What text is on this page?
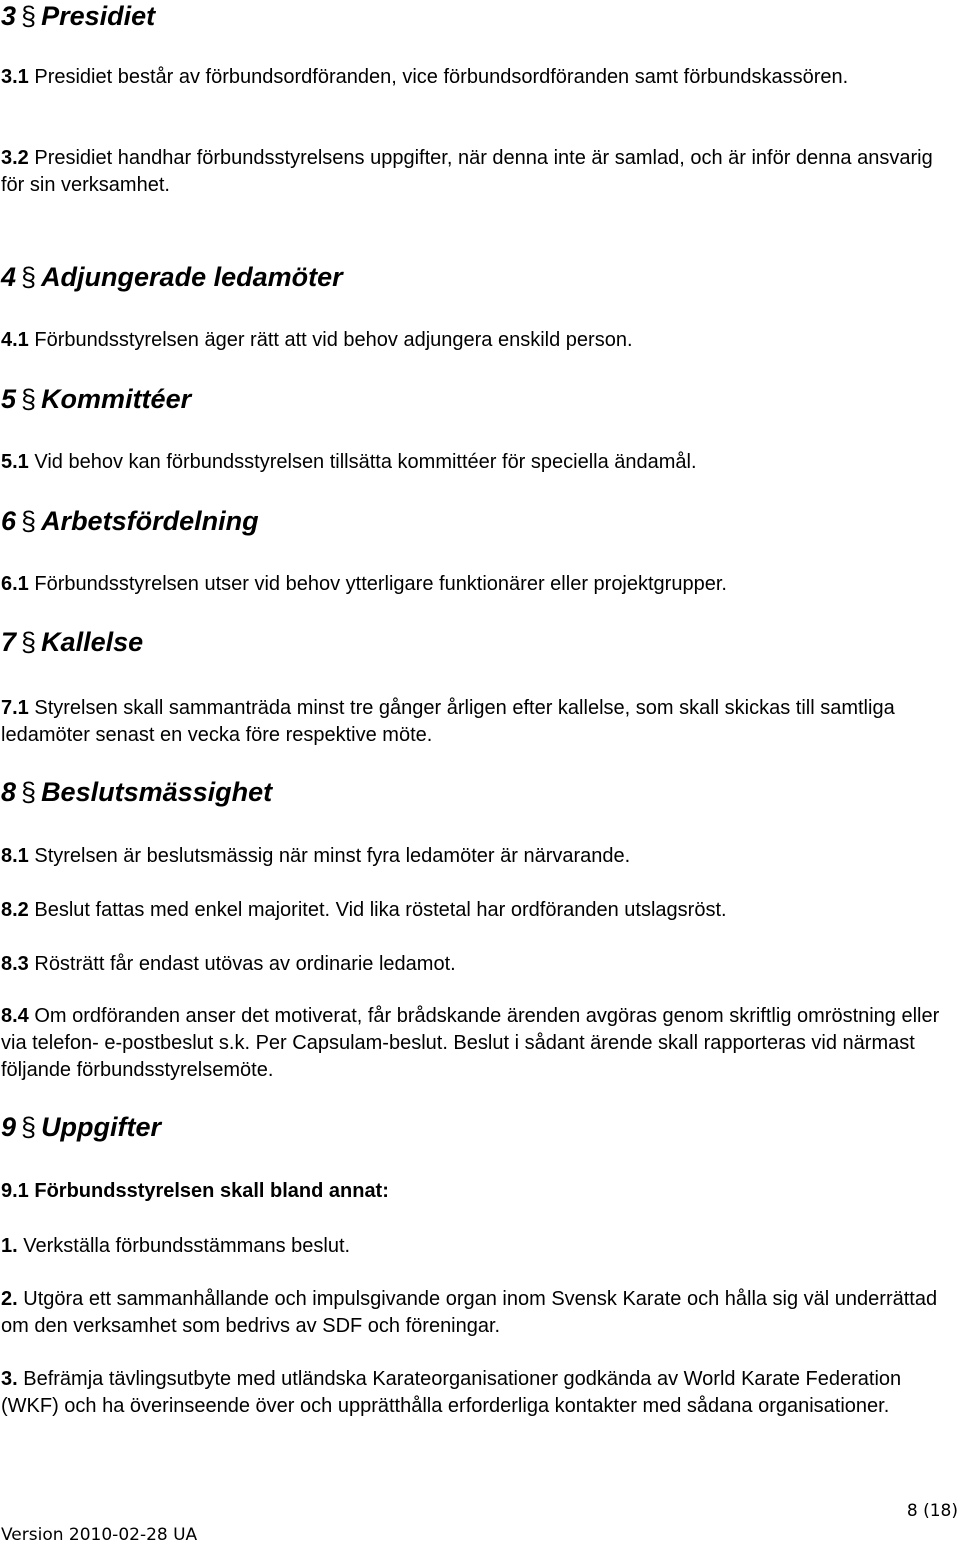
3 § Presidiet

3.1 Presidiet består av förbundsordföranden, vice förbundsordföranden samt förbundskassören.

3.2 Presidiet handhar förbundsstyrelsens uppgifter, när denna inte är samlad, och är inför denna ansvarig för sin verksamhet.

4 § Adjungerade ledamöter

4.1 Förbundsstyrelsen äger rätt att vid behov adjungera enskild person.

5 § Kommittéer

5.1 Vid behov kan förbundsstyrelsen tillsätta kommittéer för speciella ändamål.

6 § Arbetsfördelning

6.1 Förbundsstyrelsen utser vid behov ytterligare funktionärer eller projektgrupper.

7 § Kallelse

7.1 Styrelsen skall sammanträda minst tre gånger årligen efter kallelse, som skall skickas till samtliga ledamöter senast en vecka före respektive möte.

8 § Beslutsmässighet

8.1 Styrelsen är beslutsmässig när minst fyra ledamöter är närvarande.

8.2 Beslut fattas med enkel majoritet. Vid lika röstetal har ordföranden utslagsröst.

8.3 Rösträtt får endast utövas av ordinarie ledamot.

8.4 Om ordföranden anser det motiverat, får brådskande ärenden avgöras genom skriftlig omröstning eller via telefon- e-postbeslut s.k. Per Capsulam-beslut. Beslut i sådant ärende skall rapporteras vid närmast följande förbundsstyrelsemöte.

9 § Uppgifter

9.1 Förbundsstyrelsen skall bland annat:

1. Verkställa förbundsstämmans beslut.

2. Utgöra ett sammanhållande och impulsgivande organ inom Svensk Karate och hålla sig väl underrättad om den verksamhet som bedrivs av SDF och föreningar.

3. Befrämja tävlingsutbyte med utländska Karateorganisationer godkända av World Karate Federation (WKF) och ha överinseende över och upprätthålla erforderliga kontakter med sådana organisationer.

8 (18)
Version 2010-02-28 UA
